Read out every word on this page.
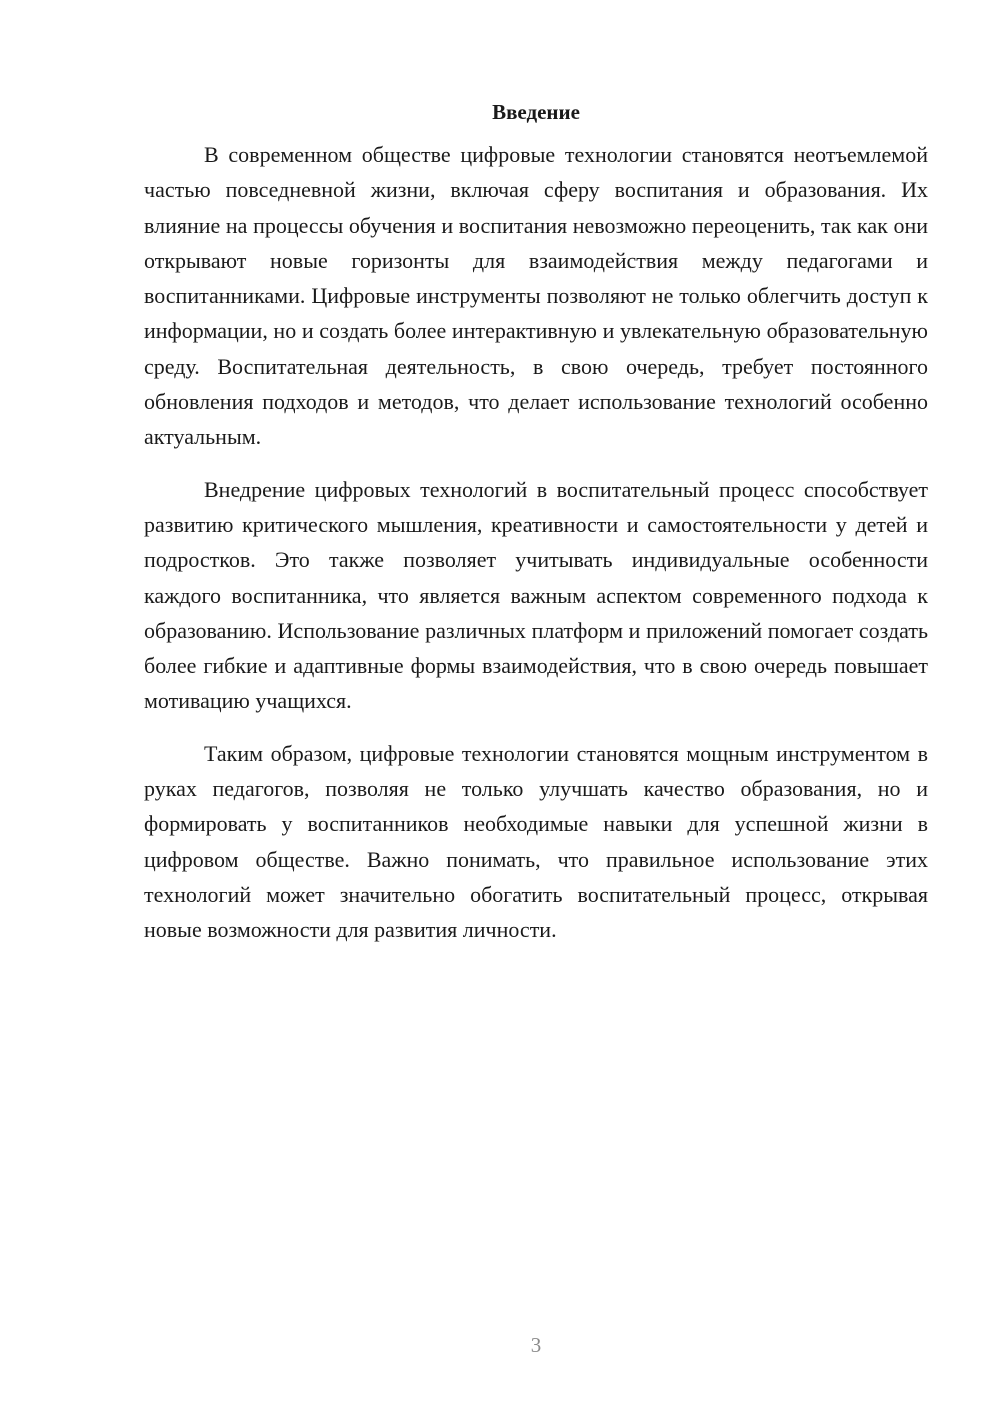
Введение

В современном обществе цифровые технологии становятся неотъемлемой частью повседневной жизни, включая сферу воспитания и образования. Их влияние на процессы обучения и воспитания невозможно переоценить, так как они открывают новые горизонты для взаимодействия между педагогами и воспитанниками. Цифровые инструменты позволяют не только облегчить доступ к информации, но и создать более интерактивную и увлекательную образовательную среду. Воспитательная деятельность, в свою очередь, требует постоянного обновления подходов и методов, что делает использование технологий особенно актуальным.

Внедрение цифровых технологий в воспитательный процесс способствует развитию критического мышления, креативности и самостоятельности у детей и подростков. Это также позволяет учитывать индивидуальные особенности каждого воспитанника, что является важным аспектом современного подхода к образованию. Использование различных платформ и приложений помогает создать более гибкие и адаптивные формы взаимодействия, что в свою очередь повышает мотивацию учащихся.

Таким образом, цифровые технологии становятся мощным инструментом в руках педагогов, позволяя не только улучшать качество образования, но и формировать у воспитанников необходимые навыки для успешной жизни в цифровом обществе. Важно понимать, что правильное использование этих технологий может значительно обогатить воспитательный процесс, открывая новые возможности для развития личности.

3
